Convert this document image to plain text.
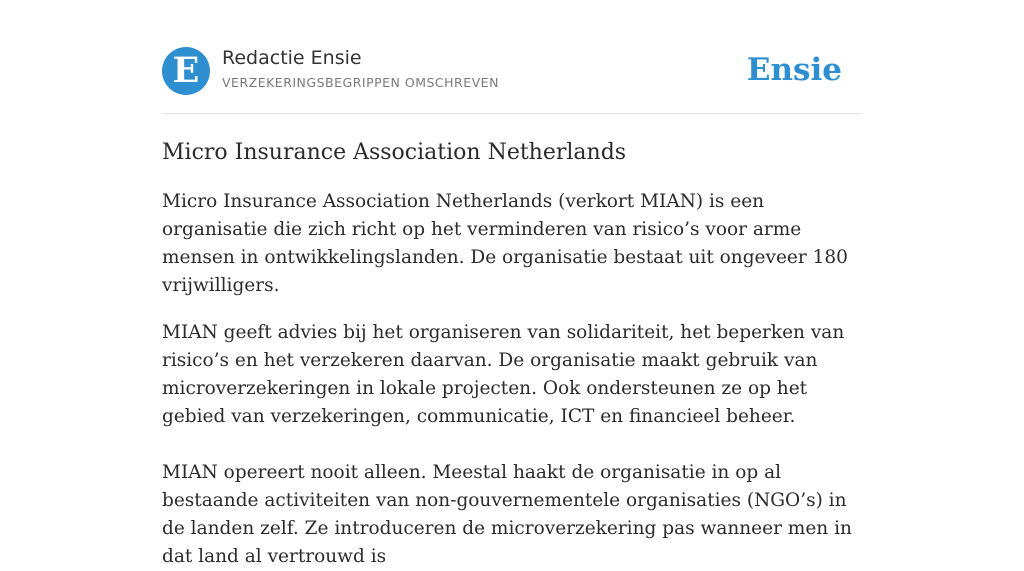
E	Redactie Ensie
VERZEKERINGSBEGRIPPEN OMSCHREVEN	Ensie
Micro Insurance Association Netherlands

Micro Insurance Association Netherlands (verkort MIAN) is een organisatie die zich richt op het verminderen van risico’s voor arme mensen in ontwikkelingslanden. De organisatie bestaat uit ongeveer 180 vrijwilligers.

MIAN geeft advies bij het organiseren van solidariteit, het beperken van risico’s en het verzekeren daarvan. De organisatie maakt gebruik van microverzekeringen in lokale projecten. Ook ondersteunen ze op het gebied van verzekeringen, communicatie, ICT en financieel beheer.

MIAN opereert nooit alleen. Meestal haakt de organisatie in op al bestaande activiteiten van non-gouvernementele organisaties (NGO’s) in de landen zelf. Ze introduceren de microverzekering pas wanneer men in dat land al vertrouwd is
